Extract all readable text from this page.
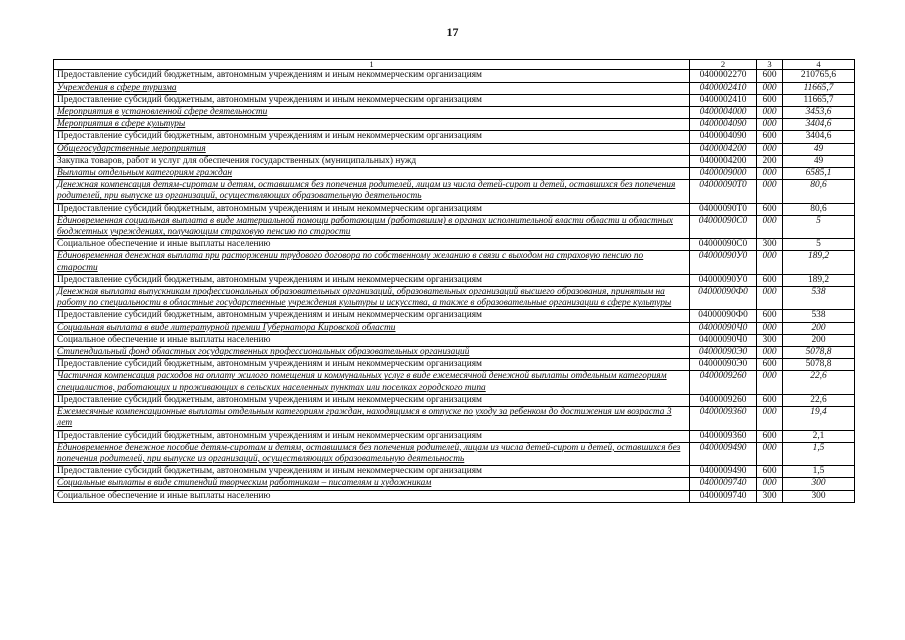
17
1	2	3	4
Предоставление субсидий бюджетным, автономным учреждениям и иным некоммерческим организациям	0400002270	600	210765,6
Учреждения в сфере туризма	0400002410	000	11665,7
Предоставление субсидий бюджетным, автономным учреждениям и иным некоммерческим организациям	0400002410	600	11665,7
Мероприятия в установленной сфере деятельности	0400004000	000	3453,6
Мероприятия в сфере культуры	0400004090	000	3404,6
Предоставление субсидий бюджетным, автономным учреждениям и иным некоммерческим организациям	0400004090	600	3404,6
Общегосударственные мероприятия	0400004200	000	49
Закупка товаров, работ и услуг для обеспечения государственных (муниципальных) нужд	0400004200	200	49
Выплаты отдельным категориям граждан	0400009000	000	6585,1
Денежная компенсация детям-сиротам и детям, оставшимся без попечения родителей, лицам из числа детей-сирот и детей, оставшихся без попечения родителей, при выпуске из организаций, осуществляющих образовательную деятельность	04000090Т0	000	80,6
Предоставление субсидий бюджетным, автономным учреждениям и иным некоммерческим организациям	04000090Т0	600	80,6
Единовременная социальная выплата в виде материальной помощи работающим (работавшим) в органах исполнительной власти области и областных бюджетных учреждениях, получающим страховую пенсию по старости	04000090С0	000	5
Социальное обеспечение и иные выплаты населению	04000090С0	300	5
Единовременная денежная выплата при расторжении трудового договора по собственному желанию в связи с выходом на страховую пенсию по старости	04000090У0	000	189,2
Предоставление субсидий бюджетным, автономным учреждениям и иным некоммерческим организациям	04000090У0	600	189,2
Денежная выплата выпускникам профессиональных образовательных организаций, образовательных организаций высшего образования, принятым на работу по специальности в областные государственные учреждения культуры и искусства, а также в образовательные организации в сфере культуры	04000090Ф0	000	538
Предоставление субсидий бюджетным, автономным учреждениям и иным некоммерческим организациям	04000090Ф0	600	538
Социальная выплата в виде литературной премии Губернатора Кировской области	04000090Ч0	000	200
Социальное обеспечение и иные выплаты населению	04000090Ч0	300	200
Стипендиальный фонд областных государственных профессиональных образовательных организаций	04000090Э0	000	5078,8
Предоставление субсидий бюджетным, автономным учреждениям и иным некоммерческим организациям	04000090Э0	600	5078,8
Частичная компенсация расходов на оплату жилого помещения и коммунальных услуг в виде ежемесячной денежной выплаты отдельным категориям специалистов, работающих и проживающих в сельских населенных пунктах или поселках городского типа	0400009260	000	22,6
Предоставление субсидий бюджетным, автономным учреждениям и иным некоммерческим организациям	0400009260	600	22,6
Ежемесячные компенсационные выплаты отдельным категориям граждан, находящимся в отпуске по уходу за ребенком до достижения им возраста 3 лет	0400009360	000	19,4
Предоставление субсидий бюджетным, автономным учреждениям и иным некоммерческим организациям	0400009360	600	2,1
Единовременное денежное пособие детям-сиротам и детям, оставшимся без попечения родителей, лицам из числа детей-сирот и детей, оставшихся без попечения родителей, при выпуске из организаций, осуществляющих образовательную деятельность	0400009490	000	1,5
Предоставление субсидий бюджетным, автономным учреждениям и иным некоммерческим организациям	0400009490	600	1,5
Социальные выплаты в виде стипендий творческим работникам – писателям и художникам	0400009740	000	300
Социальное обеспечение и иные выплаты населению	0400009740	300	300
